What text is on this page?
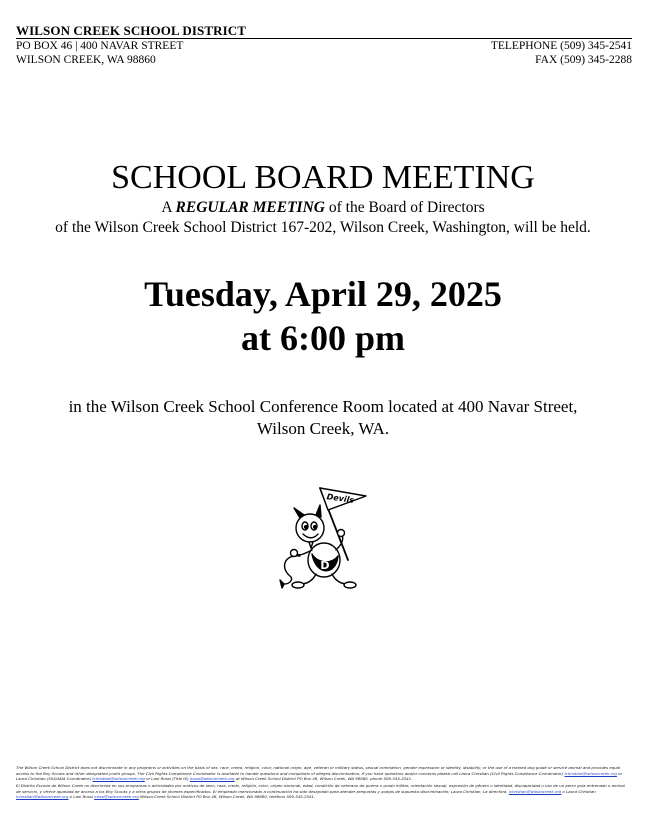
WILSON CREEK SCHOOL DISTRICT
PO BOX 46 | 400 NAVAR STREET	TELEPHONE (509) 345-2541
WILSON CREEK, WA 98860	FAX (509) 345-2288
SCHOOL BOARD MEETING
A REGULAR MEETING of the Board of Directors
of the Wilson Creek School District 167-202, Wilson Creek, Washington, will be held.
Tuesday, April 29, 2025
at 6:00 pm
in the Wilson Creek School Conference Room located at 400 Navar Street,
Wilson Creek, WA.
Devils
D

The Wilson Creek School District does not discriminate in any programs or activities on the basis of sex, race, creed, religion, color, national origin, age, veteran or military status, sexual orientation, gender expression or identity, disability, or the use of a trained dog guide or service animal and provides equal access to the Boy Scouts and other designated youth groups. The Civil Rights Compliance Coordinator is available to handle questions and complaints of alleged discrimination. If you have questions and/or concerns please call Laura Christian (Civil Rights Compliance Coordinator) lchristian@wilsoncreek.org or Laura Christian (504/ADA Coordinator) lchristian@wilsoncreek.org or Lani Rossi (Title IX) lrossi@wilsoncreek.org at Wilson Creek School District PO Box 46, Wilson Creek, WA 98860, phone 509-345-2541.

El Distrito Escolar de Wilson Creek no discrimina en sus programas o actividades por motivos de sexo, raza, credo, religión, color, origen nacional, edad, condición de veterano de guerra o grado militar, orientación sexual, expresión de género o identidad, discapacidad o uso de un perro guía entrenado o animal de servicio, y ofrece igualdad de acceso a los Boy Scouts y a otros grupos de jóvenes especificados. El empleado mencionado a continuación ha sido designado para atender preguntas y quejas de supuesta discriminación: Laura Christian, La directora, lchristian@wilsoncreek.org o Laura Christian lchristian@wilsoncreek.org o Lani Rossi lrossi@wilsoncreek.org Wilson Creek School District PO Box 46, Wilson Creek, WA 98860, teléfono 509-345-2541.
